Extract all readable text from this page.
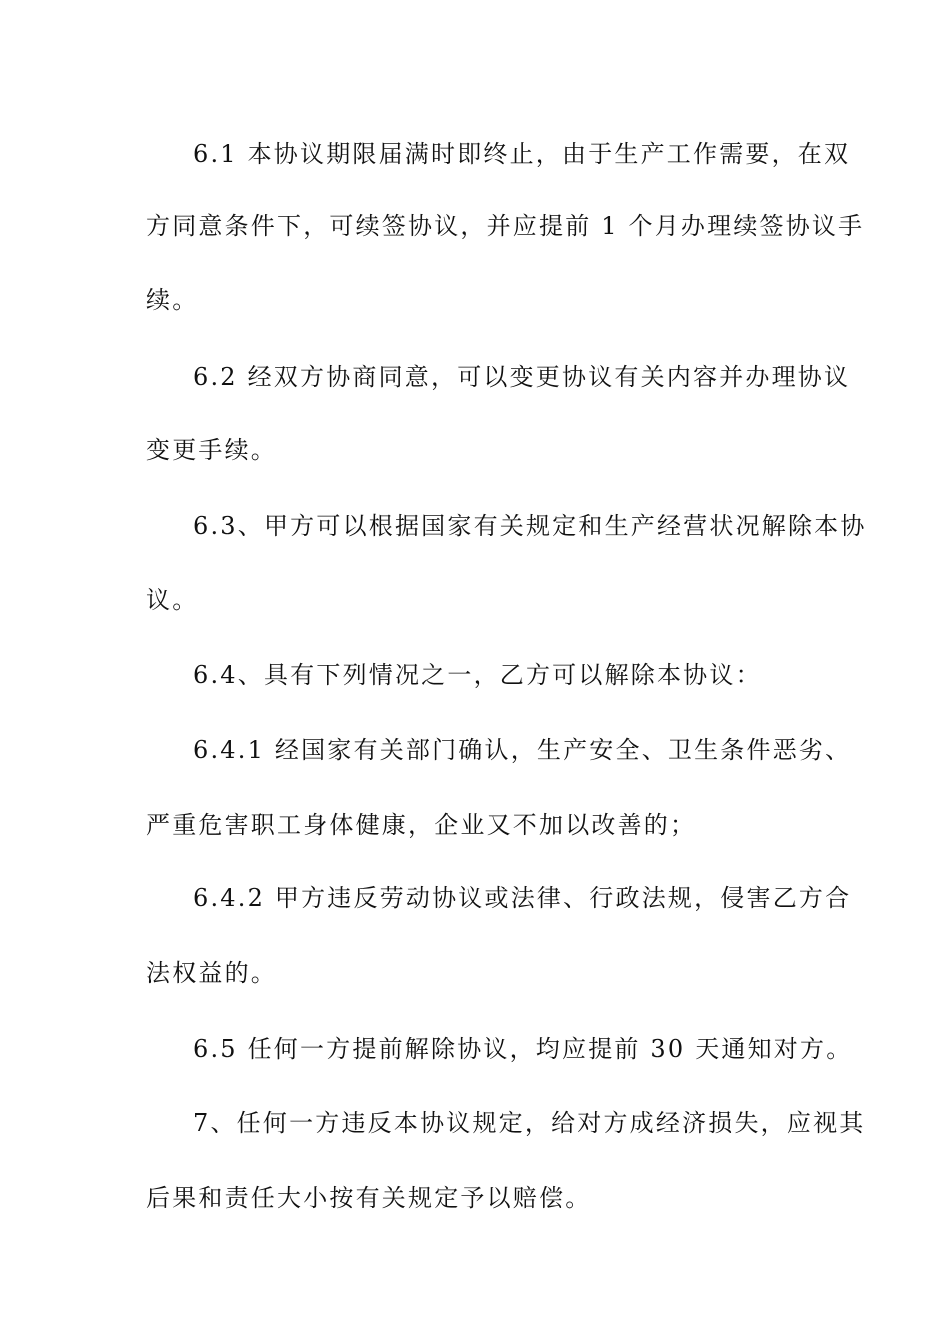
6.1 本协议期限届满时即终止，由于生产工作需要，在双
方同意条件下，可续签协议，并应提前 1 个月办理续签协议手
续。
6.2 经双方协商同意，可以变更协议有关内容并办理协议
变更手续。
6.3、甲方可以根据国家有关规定和生产经营状况解除本协
议。
6.4、具有下列情况之一，乙方可以解除本协议：
6.4.1 经国家有关部门确认，生产安全、卫生条件恶劣、
严重危害职工身体健康，企业又不加以改善的；
6.4.2 甲方违反劳动协议或法律、行政法规，侵害乙方合
法权益的。
6.5 任何一方提前解除协议，均应提前 30 天通知对方。
7、任何一方违反本协议规定，给对方成经济损失，应视其
后果和责任大小按有关规定予以赔偿。
